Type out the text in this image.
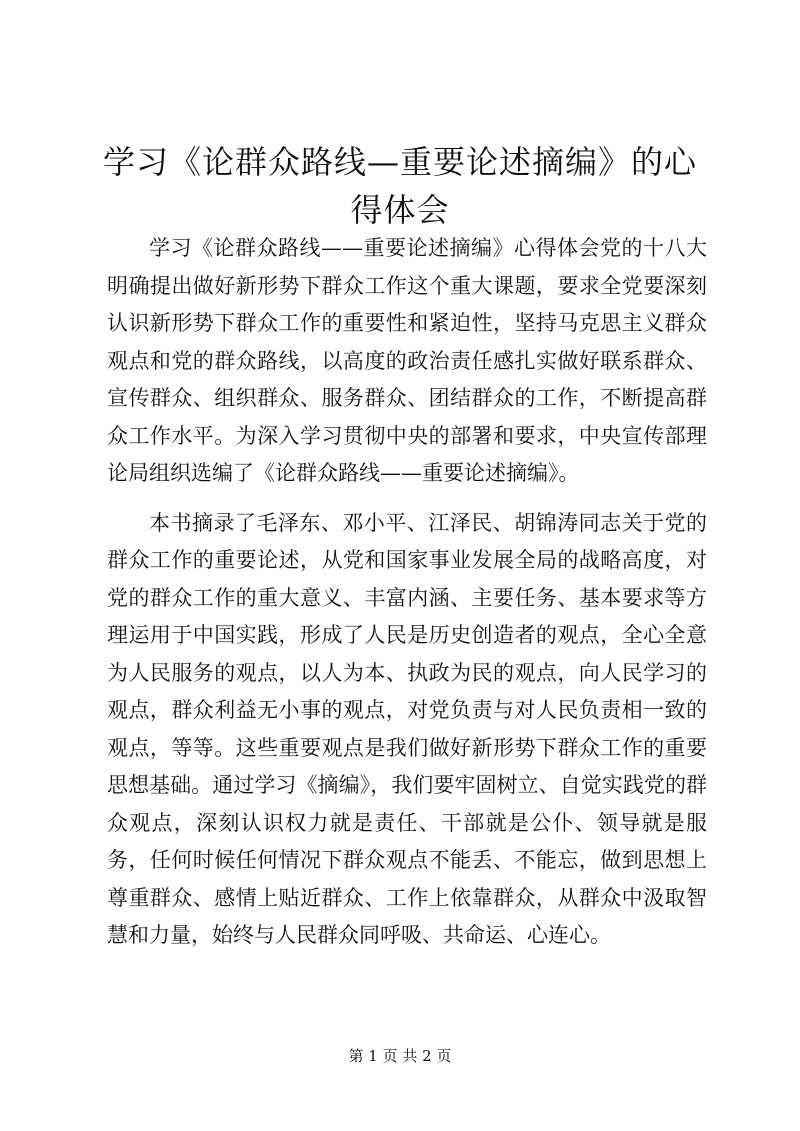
学习《论群众路线—重要论述摘编》的心得体会

学习《论群众路线——重要论述摘编》心得体会党的十八大明确提出做好新形势下群众工作这个重大课题，要求全党要深刻认识新形势下群众工作的重要性和紧迫性，坚持马克思主义群众观点和党的群众路线，以高度的政治责任感扎实做好联系群众、宣传群众、组织群众、服务群众、团结群众的工作，不断提高群众工作水平。为深入学习贯彻中央的部署和要求，中央宣传部理论局组织选编了《论群众路线——重要论述摘编》。

本书摘录了毛泽东、邓小平、江泽民、胡锦涛同志关于党的群众工作的重要论述，从党和国家事业发展全局的战略高度，对党的群众工作的重大意义、丰富内涵、主要任务、基本要求等方理运用于中国实践，形成了人民是历史创造者的观点，全心全意为人民服务的观点，以人为本、执政为民的观点，向人民学习的观点，群众利益无小事的观点，对党负责与对人民负责相一致的观点，等等。这些重要观点是我们做好新形势下群众工作的重要思想基础。通过学习《摘编》，我们要牢固树立、自觉实践党的群众观点，深刻认识权力就是责任、干部就是公仆、领导就是服务，任何时候任何情况下群众观点不能丢、不能忘，做到思想上尊重群众、感情上贴近群众、工作上依靠群众，从群众中汲取智慧和力量，始终与人民群众同呼吸、共命运、心连心。

第 1 页 共 2 页
